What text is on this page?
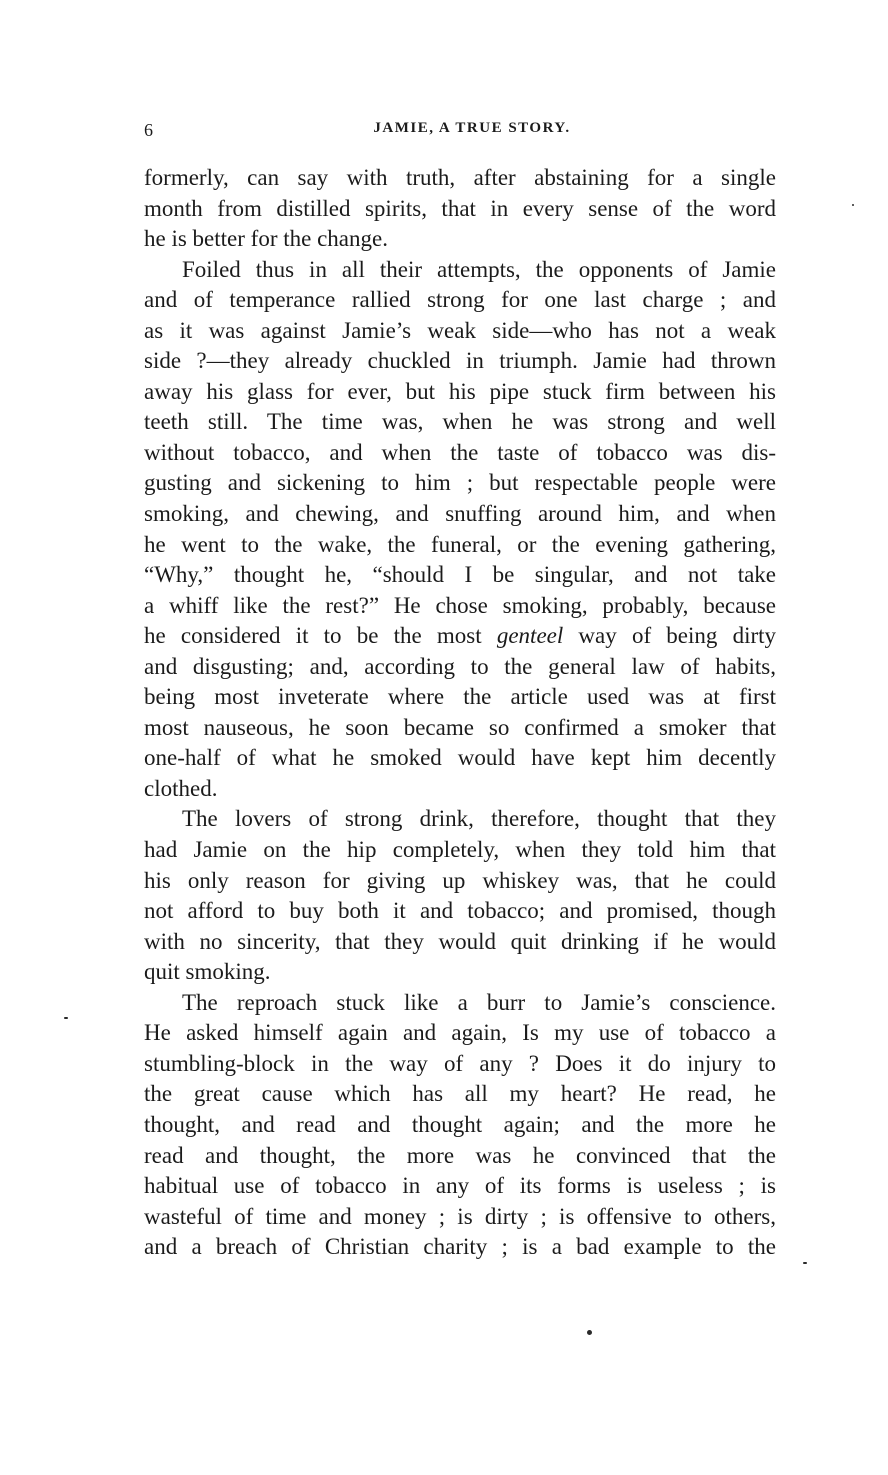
6	JAMIE, A TRUE STORY.
formerly, can say with truth, after abstaining for a single
month from distilled spirits, that in every sense of the word
he is better for the change.
Foiled thus in all their attempts, the opponents of Jamie
and of temperance rallied strong for one last charge ; and
as it was against Jamie’s weak side—who has not a weak
side ?—they already chuckled in triumph. Jamie had thrown
away his glass for ever, but his pipe stuck firm between his
teeth still. The time was, when he was strong and well
without tobacco, and when the taste of tobacco was dis-
gusting and sickening to him ; but respectable people were
smoking, and chewing, and snuffing around him, and when
he went to the wake, the funeral, or the evening gathering,
“Why,” thought he, “should I be singular, and not take
a whiff like the rest?” He chose smoking, probably, because
he considered it to be the most genteel way of being dirty
and disgusting; and, according to the general law of habits,
being most inveterate where the article used was at first
most nauseous, he soon became so confirmed a smoker that
one-half of what he smoked would have kept him decently
clothed.
The lovers of strong drink, therefore, thought that they
had Jamie on the hip completely, when they told him that
his only reason for giving up whiskey was, that he could
not afford to buy both it and tobacco; and promised, though
with no sincerity, that they would quit drinking if he would
quit smoking.
The reproach stuck like a burr to Jamie’s conscience.
He asked himself again and again, Is my use of tobacco a
stumbling-block in the way of any ? Does it do injury to
the great cause which has all my heart? He read, he
thought, and read and thought again; and the more he
read and thought, the more was he convinced that the
habitual use of tobacco in any of its forms is useless ; is
wasteful of time and money ; is dirty ; is offensive to others,
and a breach of Christian charity ; is a bad example to the
